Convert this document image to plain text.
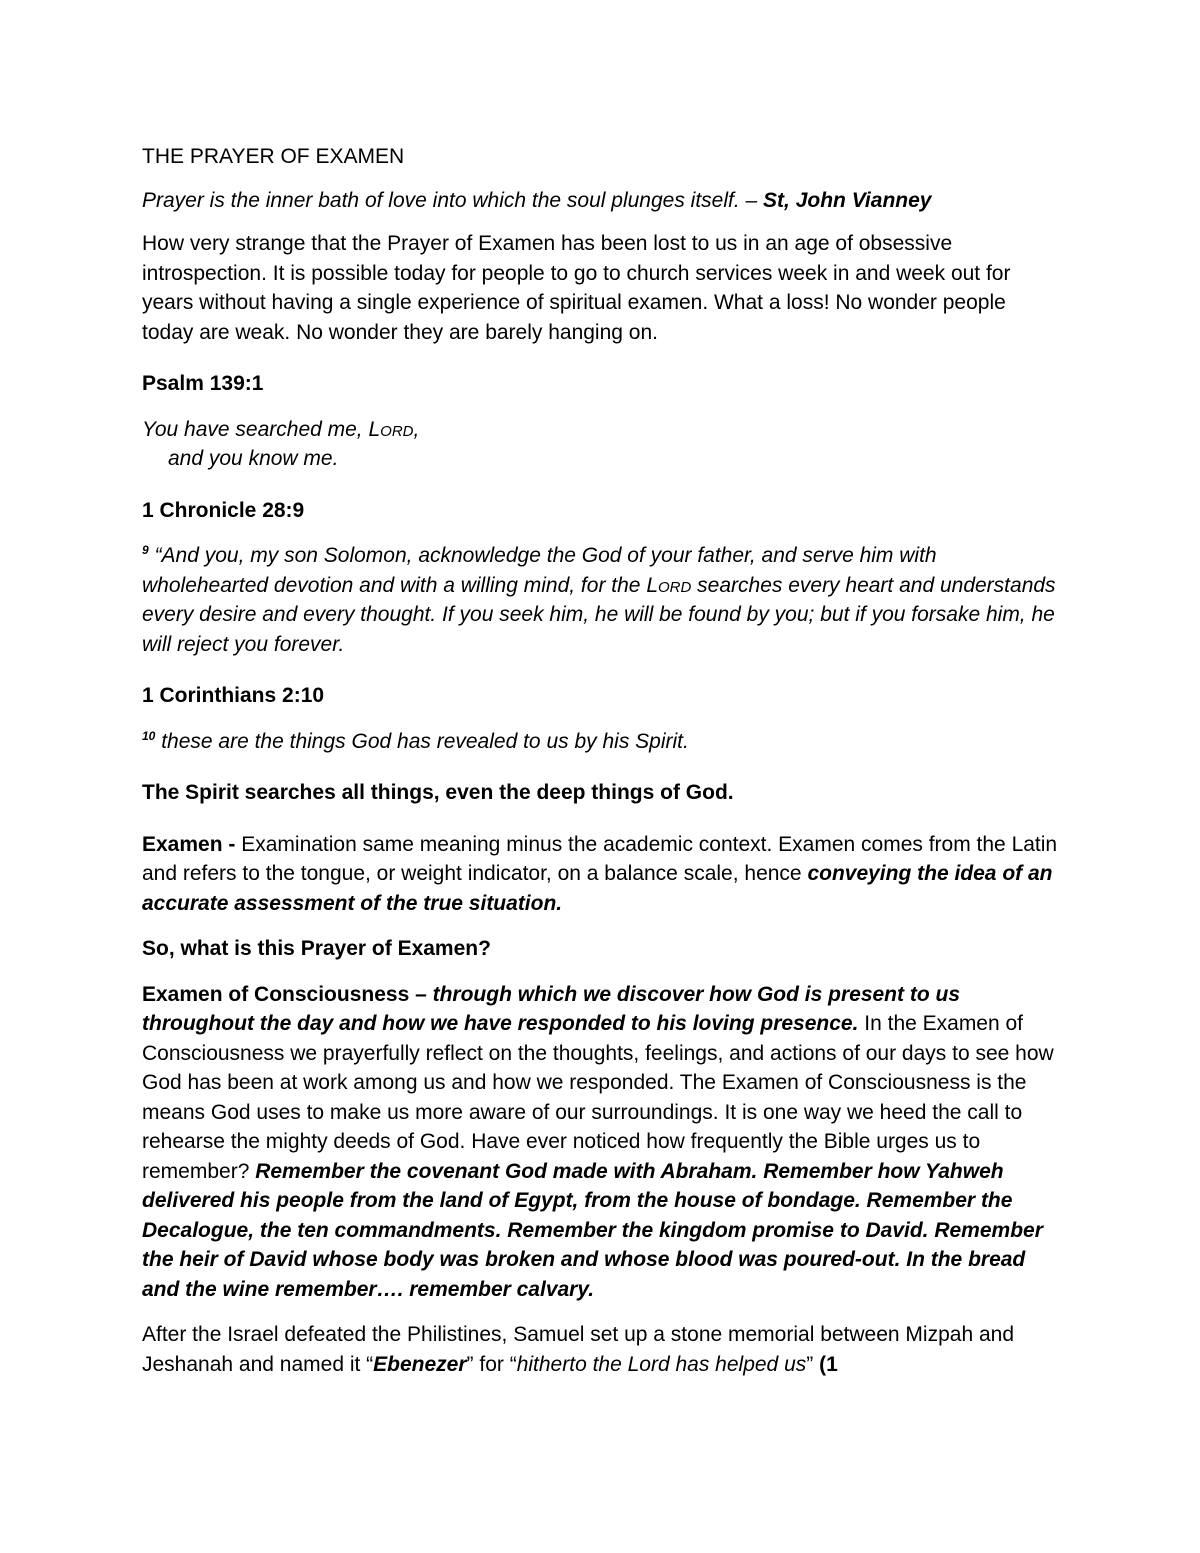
THE PRAYER OF EXAMEN

Prayer is the inner bath of love into which the soul plunges itself. – St, John Vianney

How very strange that the Prayer of Examen has been lost to us in an age of obsessive introspection. It is possible today for people to go to church services week in and week out for years without having a single experience of spiritual examen. What a loss! No wonder people today are weak. No wonder they are barely hanging on.

Psalm 139:1

You have searched me, Lord,

and you know me.

1 Chronicle 28:9

$^9$ “And you, my son Solomon, acknowledge the God of your father, and serve him with wholehearted devotion and with a willing mind, for the Lord searches every heart and understands every desire and every thought. If you seek him, he will be found by you; but if you forsake him, he will reject you forever.

1 Corinthians 2:10

$^{10}$ these are the things God has revealed to us by his Spirit.

The Spirit searches all things, even the deep things of God.

Examen - Examination same meaning minus the academic context. Examen comes from the Latin and refers to the tongue, or weight indicator, on a balance scale, hence conveying the idea of an accurate assessment of the true situation.

So, what is this Prayer of Examen?

Examen of Consciousness – through which we discover how God is present to us throughout the day and how we have responded to his loving presence. In the Examen of Consciousness we prayerfully reflect on the thoughts, feelings, and actions of our days to see how God has been at work among us and how we responded. The Examen of Consciousness is the means God uses to make us more aware of our surroundings. It is one way we heed the call to rehearse the mighty deeds of God. Have ever noticed how frequently the Bible urges us to remember? Remember the covenant God made with Abraham. Remember how Yahweh delivered his people from the land of Egypt, from the house of bondage. Remember the Decalogue, the ten commandments. Remember the kingdom promise to David. Remember the heir of David whose body was broken and whose blood was poured-out. In the bread and the wine remember…. remember calvary.

After the Israel defeated the Philistines, Samuel set up a stone memorial between Mizpah and Jeshanah and named it “Ebenezer” for “hitherto the Lord has helped us” (1
